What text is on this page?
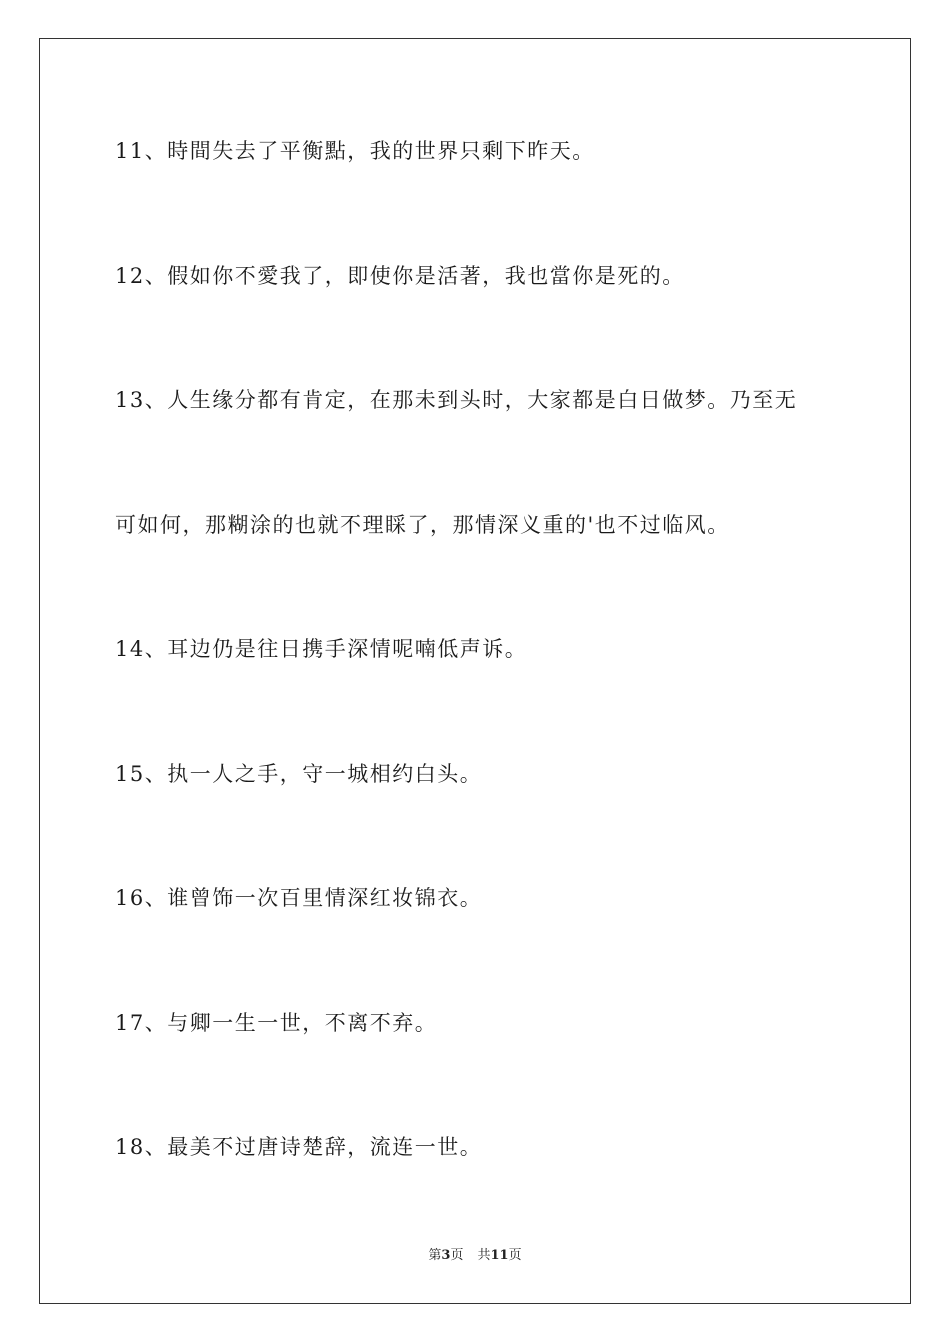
11、時間失去了平衡點，我的世界只剩下昨天。
12、假如你不愛我了，即使你是活著，我也當你是死的。
13、人生缘分都有肯定，在那未到头时，大家都是白日做梦。乃至无
可如何，那糊涂的也就不理睬了，那情深义重的'也不过临风。
14、耳边仍是往日携手深情呢喃低声诉。
15、执一人之手，守一城相约白头。
16、谁曾饰一次百里情深红妆锦衣。
17、与卿一生一世，不离不弃。
18、最美不过唐诗楚辞，流连一世。
第3页 共11页
